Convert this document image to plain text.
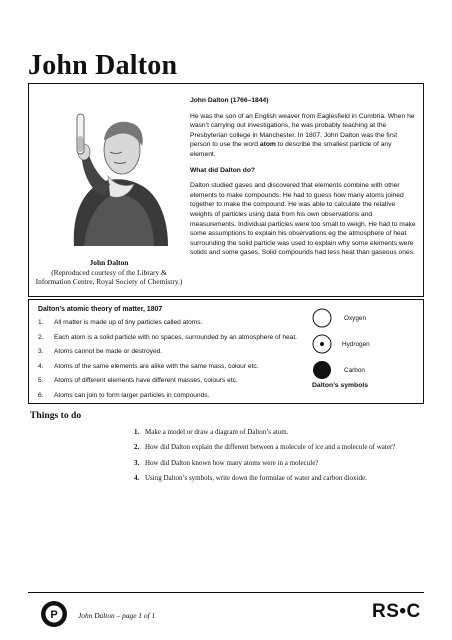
John Dalton
John Dalton
(Reproduced courtesy of the Library & Information Centre, Royal Society of Chemistry.)
John Dalton (1766–1844)

He was the son of an English weaver from Eaglesfield in Cumbria. When he wasn’t carrying out investigations, he was probably teaching at the Presbyterian college in Manchester. In 1807, John Dalton was the first person to use the word atom to describe the smallest particle of any element.

What did Dalton do?

Dalton studied gases and discovered that elements combine with other elements to make compounds. He had to guess how many atoms joined together to make the compound. He was able to calculate the relative weights of particles using data from his own observations and measurements. Individual particles were too small to weigh. He had to make some assumptions to explain his observations eg the atmosphere of heat surrounding the solid particle was used to explain why some elements were solids and some gases. Solid compounds had less heat than gaseous ones.

Dalton’s atomic theory of matter, 1807
1.	All matter is made up of tiny particles called atoms.
2.	Each atom is a solid particle with no spaces, surrounded by an atmosphere of heat.
3.	Atoms cannot be made or destroyed.
4.	Atoms of the same elements are alike with the same mass, colour etc.
5.	Atoms of different elements have different masses, colours etc.
6.	Atoms can join to form larger particles in compounds.
Oxygen
Hydrogen
Carbon
Dalton’s symbols
Things to do
1. Make a model or draw a diagram of Dalton’s atom.
2. How did Dalton explain the different between a molecule of ice and a molecule of water?
3. How did Dalton known how many atoms were in a molecule?
4. Using Dalton’s symbols, write down the formulae of water and carbon dioxide.
P	John Dalton – page 1 of 1	RS•C
